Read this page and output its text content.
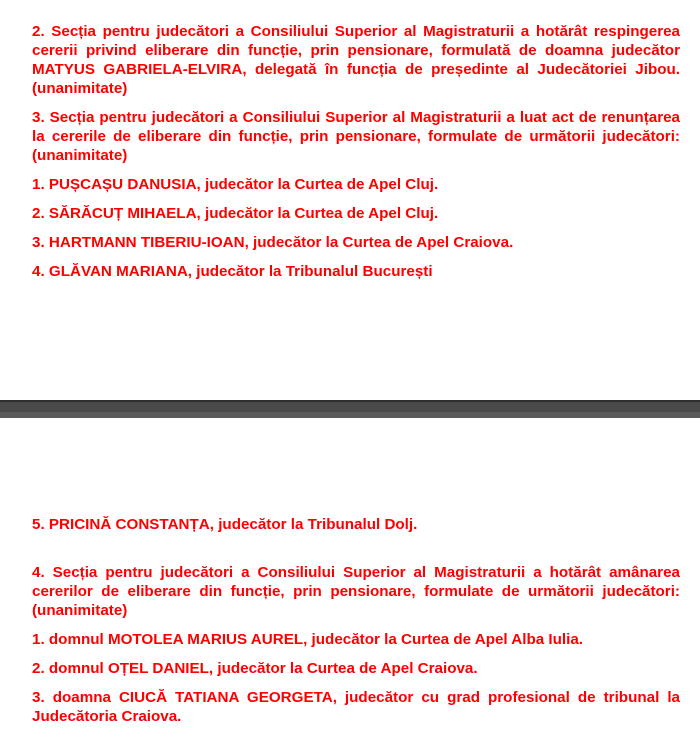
2. Secția pentru judecători a Consiliului Superior al Magistraturii a hotărât respingerea cererii privind eliberare din funcție, prin pensionare, formulată de doamna judecător MATYUS GABRIELA-ELVIRA, delegată în funcția de președinte al Judecătoriei Jibou. (unanimitate)

3. Secția pentru judecători a Consiliului Superior al Magistraturii a luat act de renunțarea la cererile de eliberare din funcție, prin pensionare, formulate de următorii judecători: (unanimitate)

1. PUȘCAȘU DANUSIA, judecător la Curtea de Apel Cluj.

2. SĂRĂCUȚ MIHAELA, judecător la Curtea de Apel Cluj.

3. HARTMANN TIBERIU-IOAN, judecător la Curtea de Apel Craiova.

4. GLĂVAN MARIANA, judecător la Tribunalul București

5. PRICINĂ CONSTANȚA, judecător la Tribunalul Dolj.

4. Secția pentru judecători a Consiliului Superior al Magistraturii a hotărât amânarea cererilor de eliberare din funcție, prin pensionare, formulate de următorii judecători: (unanimitate)

1. domnul MOTOLEA MARIUS AUREL, judecător la Curtea de Apel Alba Iulia.

2. domnul OȚEL DANIEL, judecător la Curtea de Apel Craiova.

3. doamna CIUCĂ TATIANA GEORGETA, judecător cu grad profesional de tribunal la Judecătoria Craiova.
